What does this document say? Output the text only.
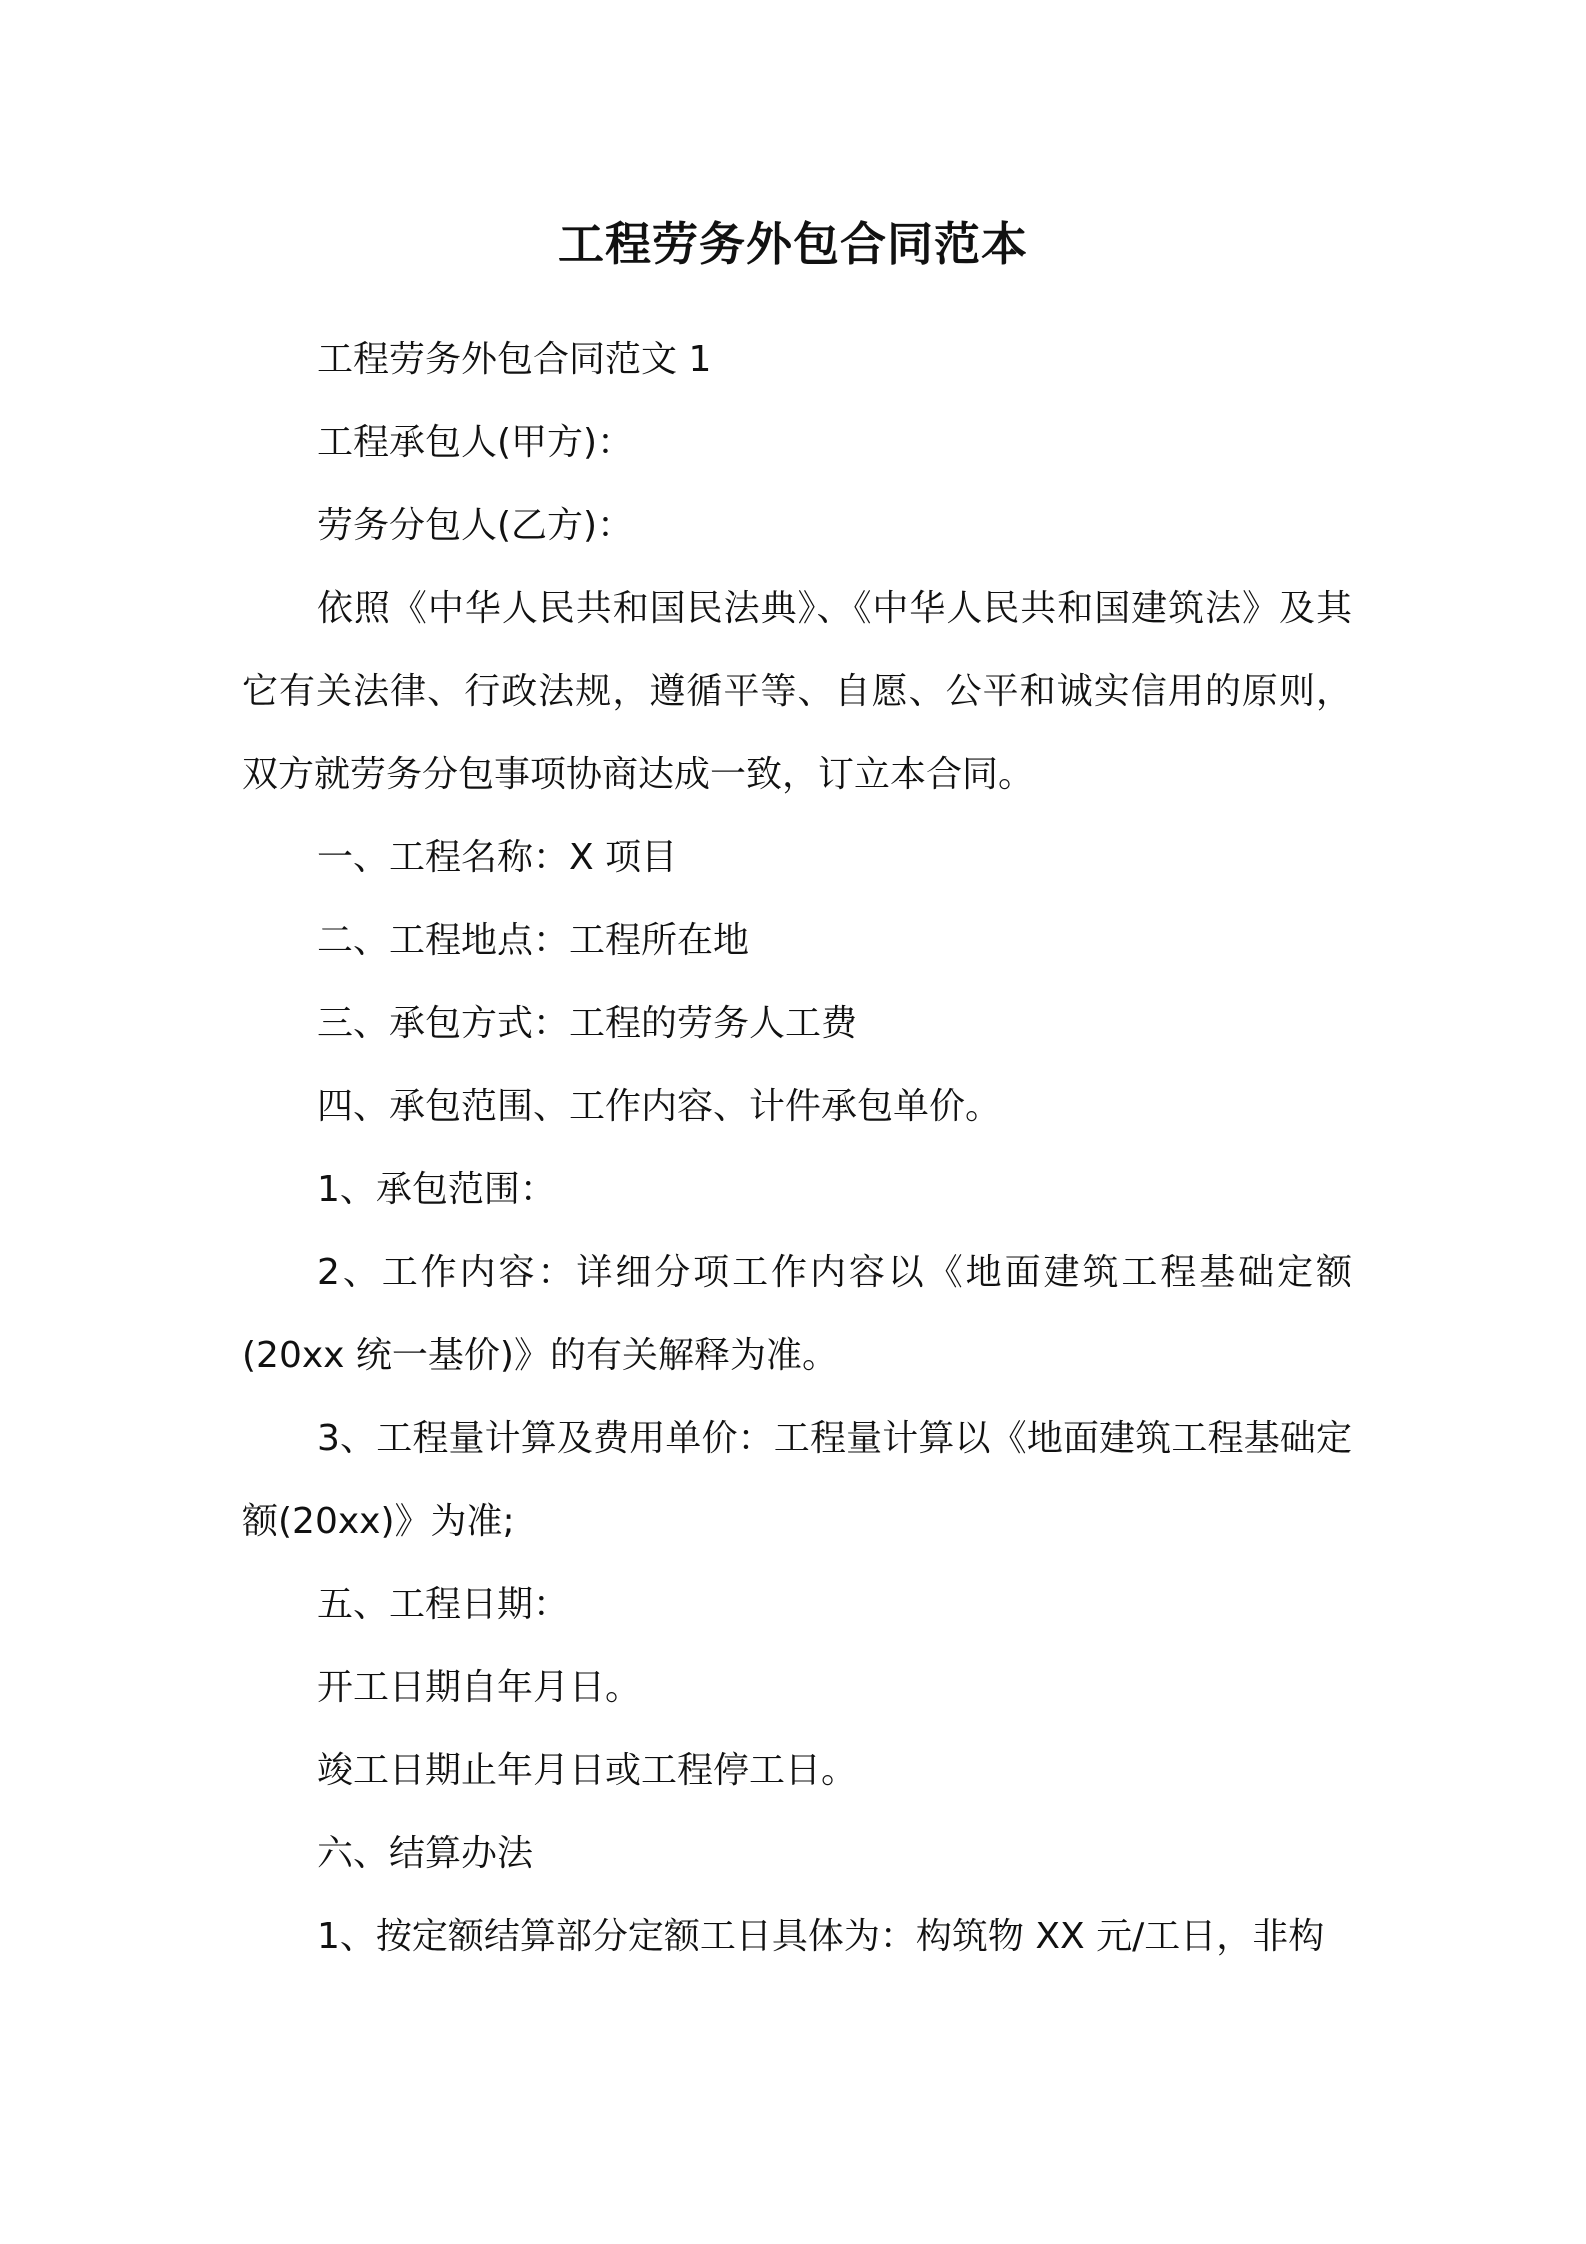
工程劳务外包合同范本

工程劳务外包合同范文 1

工程承包人(甲方)：

劳务分包人(乙方)：

依照《中华人民共和国民法典》、《中华人民共和国建筑法》及其它有关法律、行政法规，遵循平等、自愿、公平和诚实信用的原则，双方就劳务分包事项协商达成一致，订立本合同。

一、工程名称：X 项目

二、工程地点：工程所在地

三、承包方式：工程的劳务人工费

四、承包范围、工作内容、计件承包单价。

1、承包范围：

2、工作内容：详细分项工作内容以《地面建筑工程基础定额(20xx 统一基价)》的有关解释为准。

3、工程量计算及费用单价：工程量计算以《地面建筑工程基础定额(20xx)》为准;

五、工程日期：

开工日期自年月日。

竣工日期止年月日或工程停工日。

六、结算办法

1、按定额结算部分定额工日具体为：构筑物 XX 元/工日，非构
